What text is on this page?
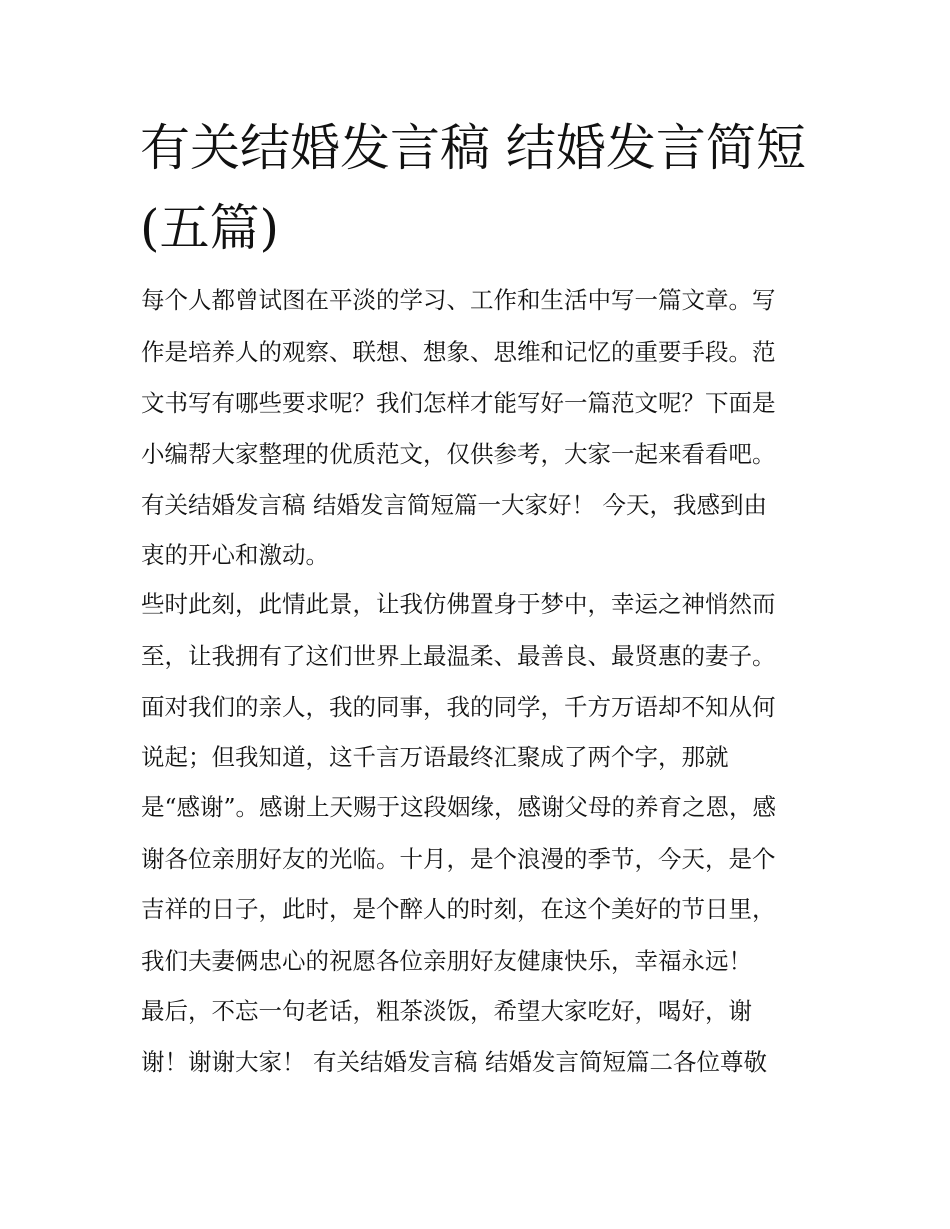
有关结婚发言稿 结婚发言简短
(五篇)

每个人都曾试图在平淡的学习、工作和生活中写一篇文章。写

作是培养人的观察、联想、想象、思维和记忆的重要手段。范

文书写有哪些要求呢？我们怎样才能写好一篇范文呢？下面是

小编帮大家整理的优质范文，仅供参考，大家一起来看看吧。

有关结婚发言稿 结婚发言简短篇一大家好！ 今天，我感到由

衷的开心和激动。

些时此刻，此情此景，让我仿佛置身于梦中，幸运之神悄然而

至，让我拥有了这们世界上最温柔、最善良、最贤惠的妻子。

面对我们的亲人，我的同事，我的同学，千方万语却不知从何

说起；但我知道，这千言万语最终汇聚成了两个字，那就

是“感谢”。感谢上天赐于这段姻缘，感谢父母的养育之恩，感

谢各位亲朋好友的光临。十月，是个浪漫的季节，今天，是个

吉祥的日子，此时，是个醉人的时刻，在这个美好的节日里，

我们夫妻俩忠心的祝愿各位亲朋好友健康快乐，幸福永远！

最后，不忘一句老话，粗茶淡饭，希望大家吃好，喝好，谢

谢！谢谢大家！ 有关结婚发言稿 结婚发言简短篇二各位尊敬
